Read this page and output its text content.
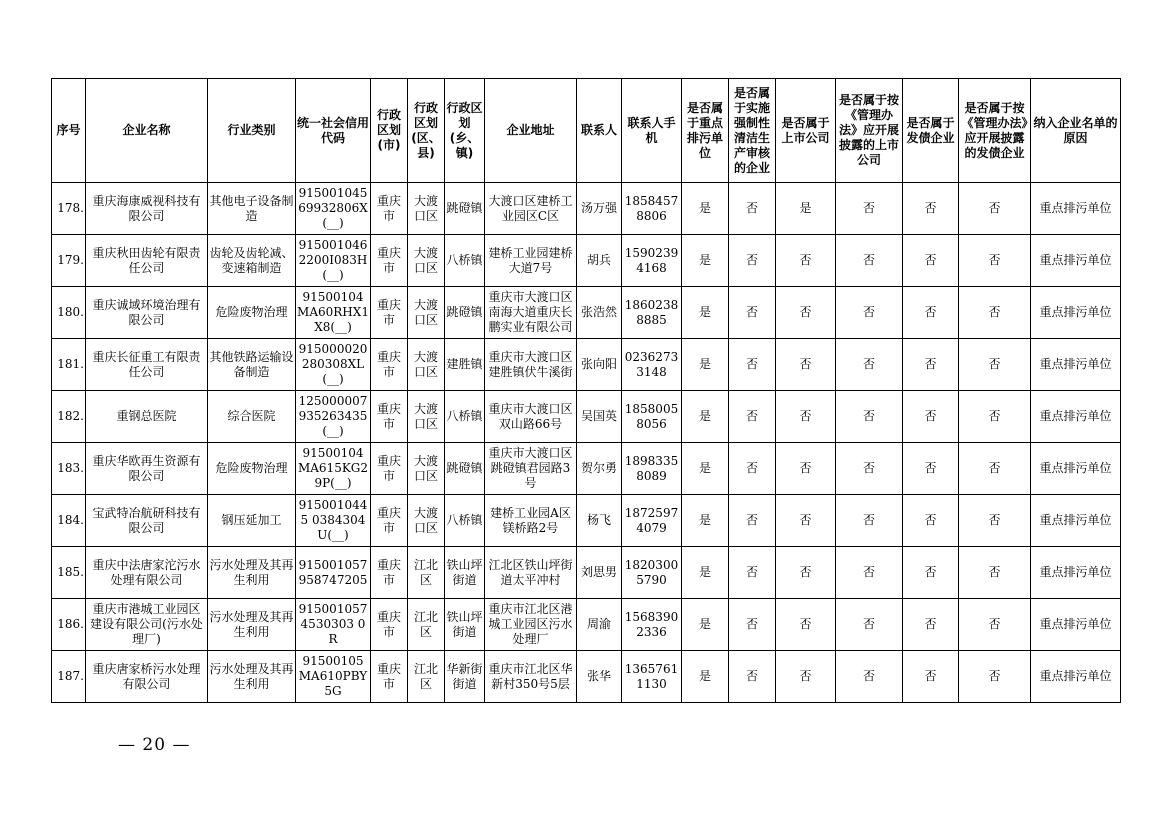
序号	企业名称	行业类别	统一社会信用代码	行政区划(市)	行政区划(区、县)	行政区划(乡、镇)	企业地址	联系人	联系人手机	是否属于重点排污单位	是否属于实施强制性清洁生产审核的企业	是否属于上市公司	是否属于按《管理办法》应开展披露的上市公司	是否属于发债企业	是否属于按《管理办法》应开展披露的发债企业	纳入企业名单的原因
178.	重庆海康威视科技有限公司	其他电子设备制造	91500104569932806X(__)	重庆市	大渡口区	跳磴镇	大渡口区建桥工业园区C区	汤万强	18584578806	是	否	是	否	否	否	重点排污单位
179.	重庆秋田齿轮有限责任公司	齿轮及齿轮减、变速箱制造	9150010462200I083H(__)	重庆市	大渡口区	八桥镇	建桥工业园建桥大道7号	胡兵	15902394168	是	否	否	否	否	否	重点排污单位
180.	重庆诚域环境治理有限公司	危险废物治理	91500104MA60RHX1X8(__)	重庆市	大渡口区	跳磴镇	重庆市大渡口区南海大道重庆长鹏实业有限公司	张浩然	18602388885	是	否	否	否	否	否	重点排污单位
181.	重庆长征重工有限责任公司	其他铁路运输设备制造	915000020280308XL(__)	重庆市	大渡口区	建胜镇	重庆市大渡口区建胜镇伏牛溪街	张向阳	02362733148	是	否	否	否	否	否	重点排污单位
182.	重钢总医院	综合医院	125000007935263435(__)	重庆市	大渡口区	八桥镇	重庆市大渡口区双山路66号	吴国英	18580058056	是	否	否	否	否	否	重点排污单位
183.	重庆华欧再生资源有限公司	危险废物治理	91500104MA615KG29P(__)	重庆市	大渡口区	跳磴镇	重庆市大渡口区跳磴镇君园路3号	贺尔勇	18983358089	是	否	否	否	否	否	重点排污单位
184.	宝武特冶航研科技有限公司	钢压延加工	9150010445 0384304U(__)	重庆市	大渡口区	八桥镇	建桥工业园A区镁桥路2号	杨飞	18725974079	是	否	否	否	否	否	重点排污单位
185.	重庆中法唐家沱污水处理有限公司	污水处理及其再生利用	915001057958747205	重庆市	江北区	铁山坪街道	江北区铁山坪街道太平冲村	刘思男	18203005790	是	否	否	否	否	否	重点排污单位
186.	重庆市港城工业园区建设有限公司(污水处理厂)	污水处理及其再生利用	9150010574530303 0R	重庆市	江北区	铁山坪街道	重庆市江北区港城工业园区污水处理厂	周渝	15683902336	是	否	否	否	否	否	重点排污单位
187.	重庆唐家桥污水处理有限公司	污水处理及其再生利用	91500105MA610PBY5G	重庆市	江北区	华新街街道	重庆市江北区华新村350号5层	张华	13657611130	是	否	否	否	否	否	重点排污单位
— 20 —
